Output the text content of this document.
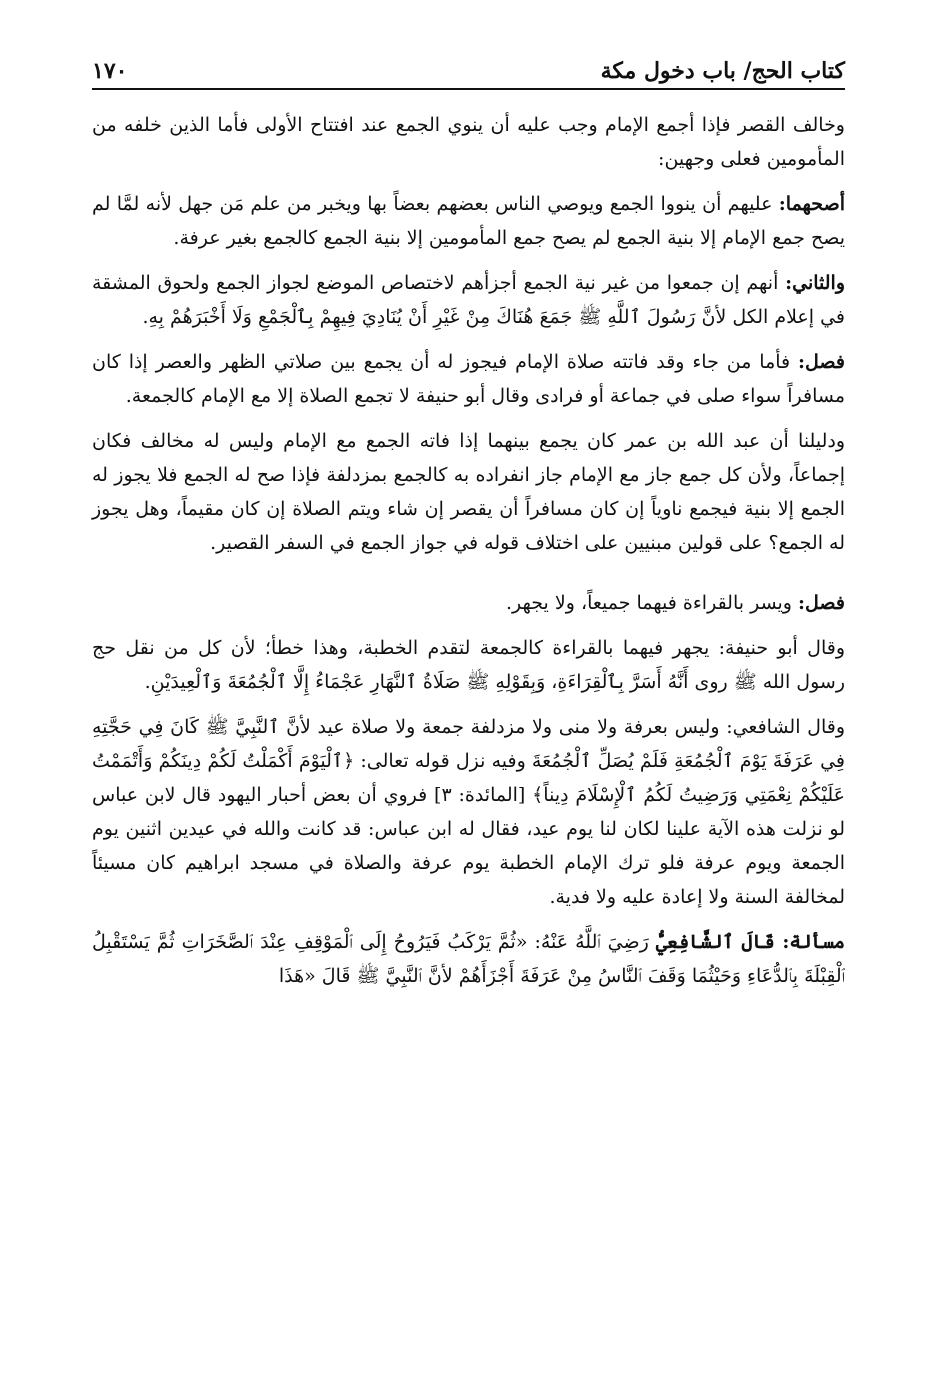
كتاب الحج/ باب دخول مكة
١٧٠

وخالف القصر فإذا أجمع الإمام وجب عليه أن ينوي الجمع عند افتتاح الأولى فأما الذين خلفه من المأمومين فعلى وجهين:

أصحهما: عليهم أن ينووا الجمع ويوصي الناس بعضهم بعضاً بها ويخبر من علم مَن جهل لأنه لمَّا لم يصح جمع الإمام إلا بنية الجمع لم يصح جمع المأمومين إلا بنية الجمع كالجمع بغير عرفة.

والثاني: أنهم إن جمعوا من غير نية الجمع أجزأهم لاختصاص الموضع لجواز الجمع ولحوق المشقة في إعلام الكل لأنَّ رَسُولَ ٱللَّهِ ﷺ جَمَعَ هُنَاكَ مِنْ غَيْرِ أَنْ يُنَادِيَ فِيهِمْ بِٱلْجَمْعِ وَلَا أَخْبَرَهُمْ بِهِ.

فصل: فأما من جاء وقد فاتته صلاة الإمام فيجوز له أن يجمع بين صلاتي الظهر والعصر إذا كان مسافراً سواء صلى في جماعة أو فرادى وقال أبو حنيفة لا تجمع الصلاة إلا مع الإمام كالجمعة.

ودليلنا أن عبد الله بن عمر كان يجمع بينهما إذا فاته الجمع مع الإمام وليس له مخالف فكان إجماعاً، ولأن كل جمع جاز مع الإمام جاز انفراده به كالجمع بمزدلفة فإذا صح له الجمع فلا يجوز له الجمع إلا بنية فيجمع ناوياً إن كان مسافراً أن يقصر إن شاء ويتم الصلاة إن كان مقيماً، وهل يجوز له الجمع؟ على قولين مبنيين على اختلاف قوله في جواز الجمع في السفر القصير.

فصل: ويسر بالقراءة فيهما جميعاً، ولا يجهر.

وقال أبو حنيفة: يجهر فيهما بالقراءة كالجمعة لتقدم الخطبة، وهذا خطأ؛ لأن كل من نقل حج رسول الله ﷺ روى أَنَّهُ أَسَرَّ بِٱلْقِرَاءَةِ، وَبِقَوْلِهِ ﷺ صَلَاةُ ٱلنَّهَارِ عَجْمَاءُ إِلَّا ٱلْجُمُعَةَ وَٱلْعِيدَيْنِ.

وقال الشافعي: وليس بعرفة ولا منى ولا مزدلفة جمعة ولا صلاة عيد لأنَّ ٱلنَّبِيَّ ﷺ كَانَ فِي حَجَّتِهِ فِي عَرَفَةَ يَوْمَ ٱلْجُمُعَةِ فَلَمْ يُصَلِّ ٱلْجُمُعَةَ وفيه نزل قوله تعالى: ﴿ٱلْيَوْمَ أَكْمَلْتُ لَكُمْ دِينَكُمْ وَأَتْمَمْتُ عَلَيْكُمْ نِعْمَتِي وَرَضِيتُ لَكُمُ ٱلْإِسْلَامَ دِيناً﴾ [المائدة: ٣] فروي أن بعض أحبار اليهود قال لابن عباس لو نزلت هذه الآية علينا لكان لنا يوم عيد، فقال له ابن عباس: قد كانت والله في عيدين اثنين يوم الجمعة ويوم عرفة فلو ترك الإمام الخطبة يوم عرفة والصلاة في مسجد ابراهيم كان مسيئاً لمخالفة السنة ولا إعادة عليه ولا فدية.

مسألة: قَالَ ٱلشَّافِعِيُّ رَضِيَ ٱللَّهُ عَنْهُ: «ثُمَّ يَرْكَبُ فَيَرُوحُ إِلَى ٱلْمَوْقِفِ عِنْدَ ٱلصَّخَرَاتِ ثُمَّ يَسْتَقْبِلُ ٱلْقِبْلَةَ بِٱلدُّعَاءِ وَحَيْثُمَا وَقَفَ ٱلنَّاسُ مِنْ عَرَفَةَ أَجْزَأَهُمْ لأنَّ ٱلنَّبِيَّ ﷺ قَالَ «هَذَا
